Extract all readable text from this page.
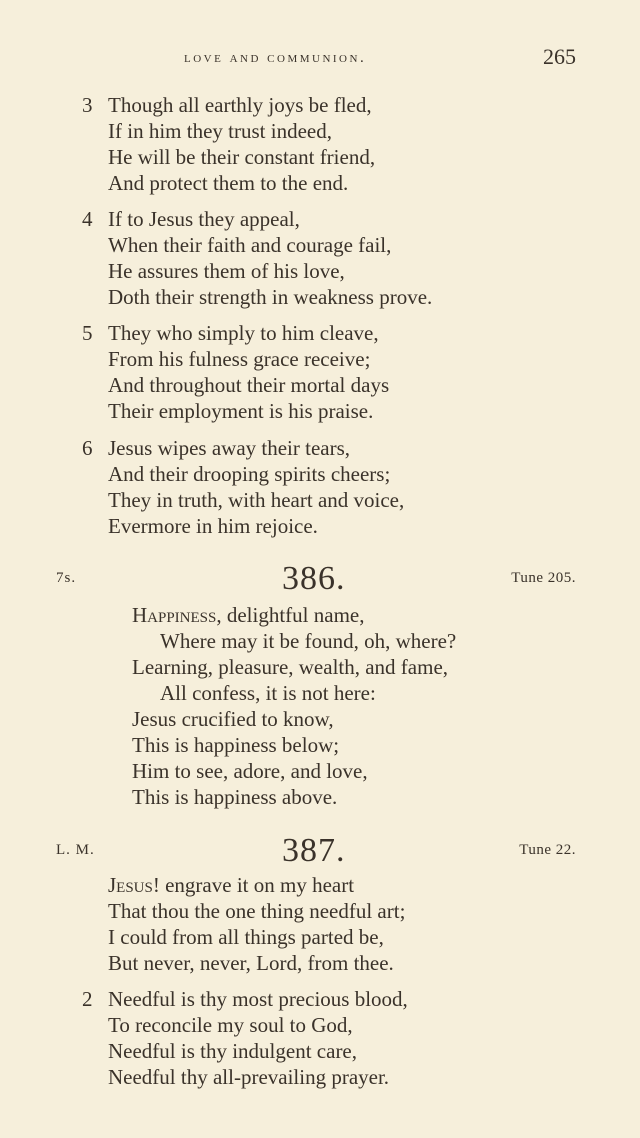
love and communion.	265
3 Though all earthly joys be fled,
If in him they trust indeed,
He will be their constant friend,
And protect them to the end.
4 If to Jesus they appeal,
When their faith and courage fail,
He assures them of his love,
Doth their strength in weakness prove.
5 They who simply to him cleave,
From his fulness grace receive;
And throughout their mortal days
Their employment is his praise.
6 Jesus wipes away their tears,
And their drooping spirits cheers;
They in truth, with heart and voice,
Evermore in him rejoice.
7s.	386.	Tune 205.
Happiness, delightful name,
Where may it be found, oh, where?
Learning, pleasure, wealth, and fame,
All confess, it is not here:
Jesus crucified to know,
This is happiness below;
Him to see, adore, and love,
This is happiness above.
L. M.	387.	Tune 22.
Jesus! engrave it on my heart
That thou the one thing needful art;
I could from all things parted be,
But never, never, Lord, from thee.
2 Needful is thy most precious blood,
To reconcile my soul to God,
Needful is thy indulgent care,
Needful thy all-prevailing prayer.
